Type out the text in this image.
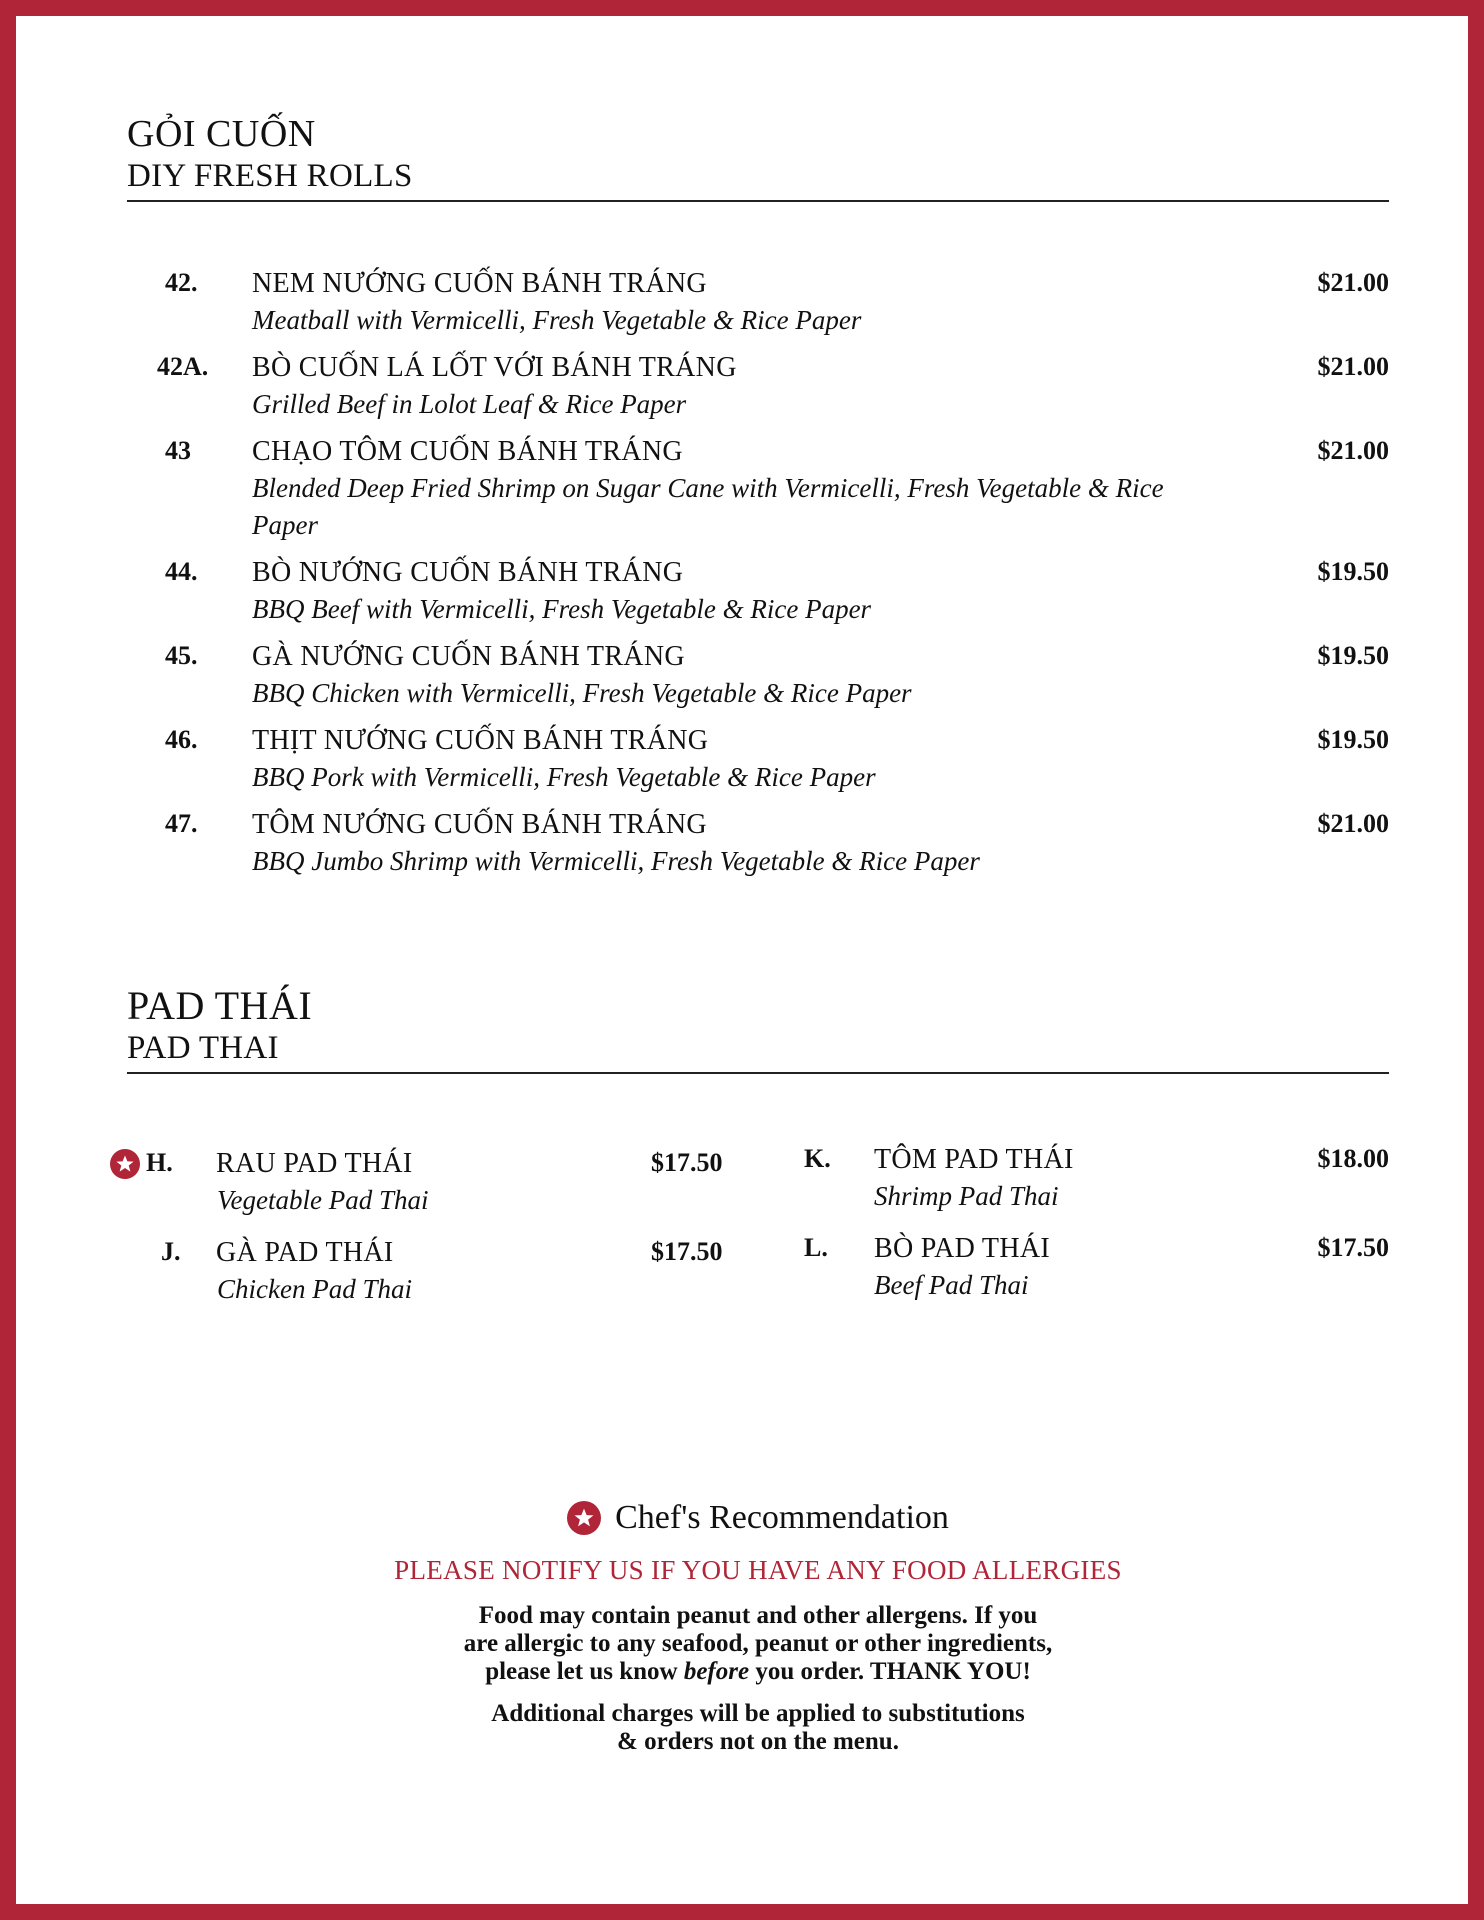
GỎI CUỐN
DIY FRESH ROLLS
42. NEM NƯỚNG CUỐN BÁNH TRÁNG
Meatball with Vermicelli, Fresh Vegetable & Rice Paper
$21.00
42A. BÒ CUỐN LÁ LỐT VỚI BÁNH TRÁNG
Grilled Beef in Lolot Leaf & Rice Paper
$21.00
43 CHẠO TÔM CUỐN BÁNH TRÁNG
Blended Deep Fried Shrimp on Sugar Cane with Vermicelli, Fresh Vegetable & Rice Paper
$21.00
44. BÒ NƯỚNG CUỐN BÁNH TRÁNG
BBQ Beef with Vermicelli, Fresh Vegetable & Rice Paper
$19.50
45. GÀ NƯỚNG CUỐN BÁNH TRÁNG
BBQ Chicken with Vermicelli, Fresh Vegetable & Rice Paper
$19.50
46. THỊT NƯỚNG CUỐN BÁNH TRÁNG
BBQ Pork with Vermicelli, Fresh Vegetable & Rice Paper
$19.50
47. TÔM NƯỚNG CUỐN BÁNH TRÁNG
BBQ Jumbo Shrimp with Vermicelli, Fresh Vegetable & Rice Paper
$21.00
PAD THÁI
PAD THAI
H. RAU PAD THÁI
Vegetable Pad Thai
$17.50
J. GÀ PAD THÁI
Chicken Pad Thai
$17.50
K. TÔM PAD THÁI
Shrimp Pad Thai
$18.00
L. BÒ PAD THÁI
Beef Pad Thai
$17.50
Chef's Recommendation
PLEASE NOTIFY US IF YOU HAVE ANY FOOD ALLERGIES
Food may contain peanut and other allergens. If you
are allergic to any seafood, peanut or other ingredients,
please let us know before you order. THANK YOU!
Additional charges will be applied to substitutions
& orders not on the menu.
